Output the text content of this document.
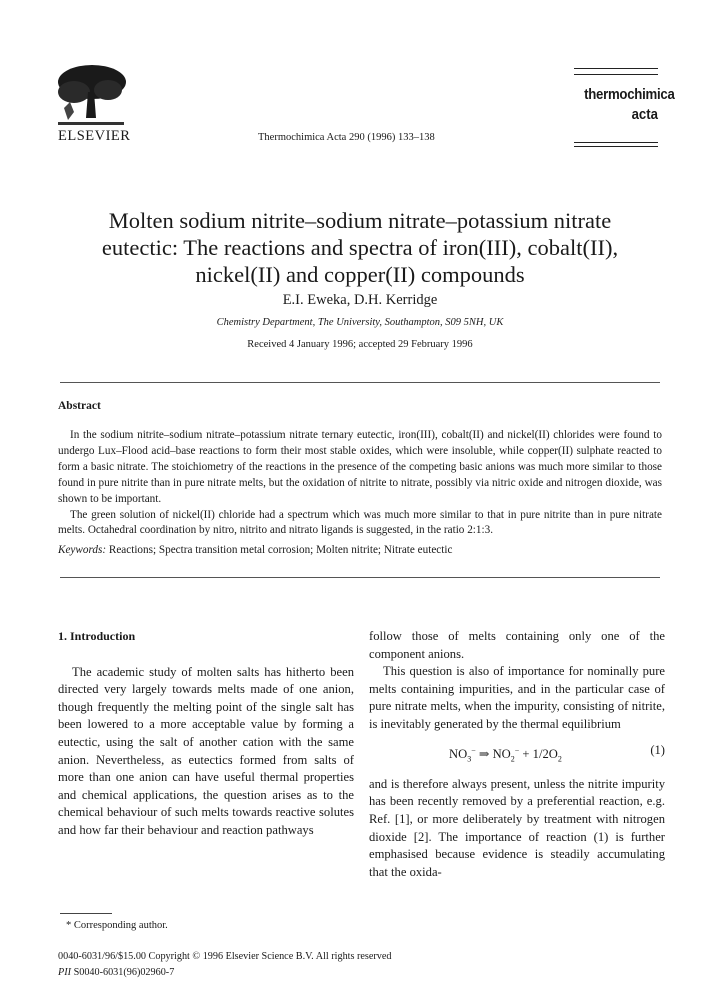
ELSEVIER	Thermochimica Acta 290 (1996) 133–138
thermochimica
acta
Molten sodium nitrite–sodium nitrate–potassium nitrate
eutectic: The reactions and spectra of iron(III), cobalt(II),
nickel(II) and copper(II) compounds
E.I. Eweka, D.H. Kerridge
Chemistry Department, The University, Southampton, S09 5NH, UK
Received 4 January 1996; accepted 29 February 1996
Abstract

In the sodium nitrite–sodium nitrate–potassium nitrate ternary eutectic, iron(III), cobalt(II) and nickel(II) chlorides were found to undergo Lux–Flood acid–base reactions to form their most stable oxides, which were insoluble, while copper(II) sulphate reacted to form a basic nitrate. The stoichiometry of the reactions in the presence of the competing basic anions was much more similar to those found in pure nitrite than in pure nitrate melts, but the oxidation of nitrite to nitrate, possibly via nitric oxide and nitrogen dioxide, was shown to be important.

The green solution of nickel(II) chloride had a spectrum which was much more similar to that in pure nitrite than in pure nitrate melts. Octahedral coordination by nitro, nitrito and nitrato ligands is suggested, in the ratio 2:1:3.

Keywords: Reactions; Spectra transition metal corrosion; Molten nitrite; Nitrate eutectic
1. Introduction

The academic study of molten salts has hitherto been directed very largely towards melts made of one anion, though frequently the melting point of the single salt has been lowered to a more acceptable value by forming a eutectic, using the salt of another cation with the same anion. Nevertheless, as eutectics formed from salts of more than one anion can have useful thermal properties and chemical applications, the question arises as to the chemical behaviour of such melts towards reactive solutes and how far their behaviour and reaction pathways

follow those of melts containing only one of the component anions.

This question is also of importance for nominally pure melts containing impurities, and in the particular case of pure nitrate melts, when the impurity, consisting of nitrite, is inevitably generated by the thermal equilibrium

$NO_3^-$ ⇒ $NO_2^- + 1/2O_2$
(1)

and is therefore always present, unless the nitrite impurity has been recently removed by a preferential reaction, e.g. Ref. [1], or more deliberately by treatment with nitrogen dioxide [2]. The importance of reaction (1) is further emphasised because evidence is steadily accumulating that the oxida-

* Corresponding author.
0040-6031/96/$15.00 Copyright © 1996 Elsevier Science B.V. All rights reserved
PII S0040-6031(96)02960-7
